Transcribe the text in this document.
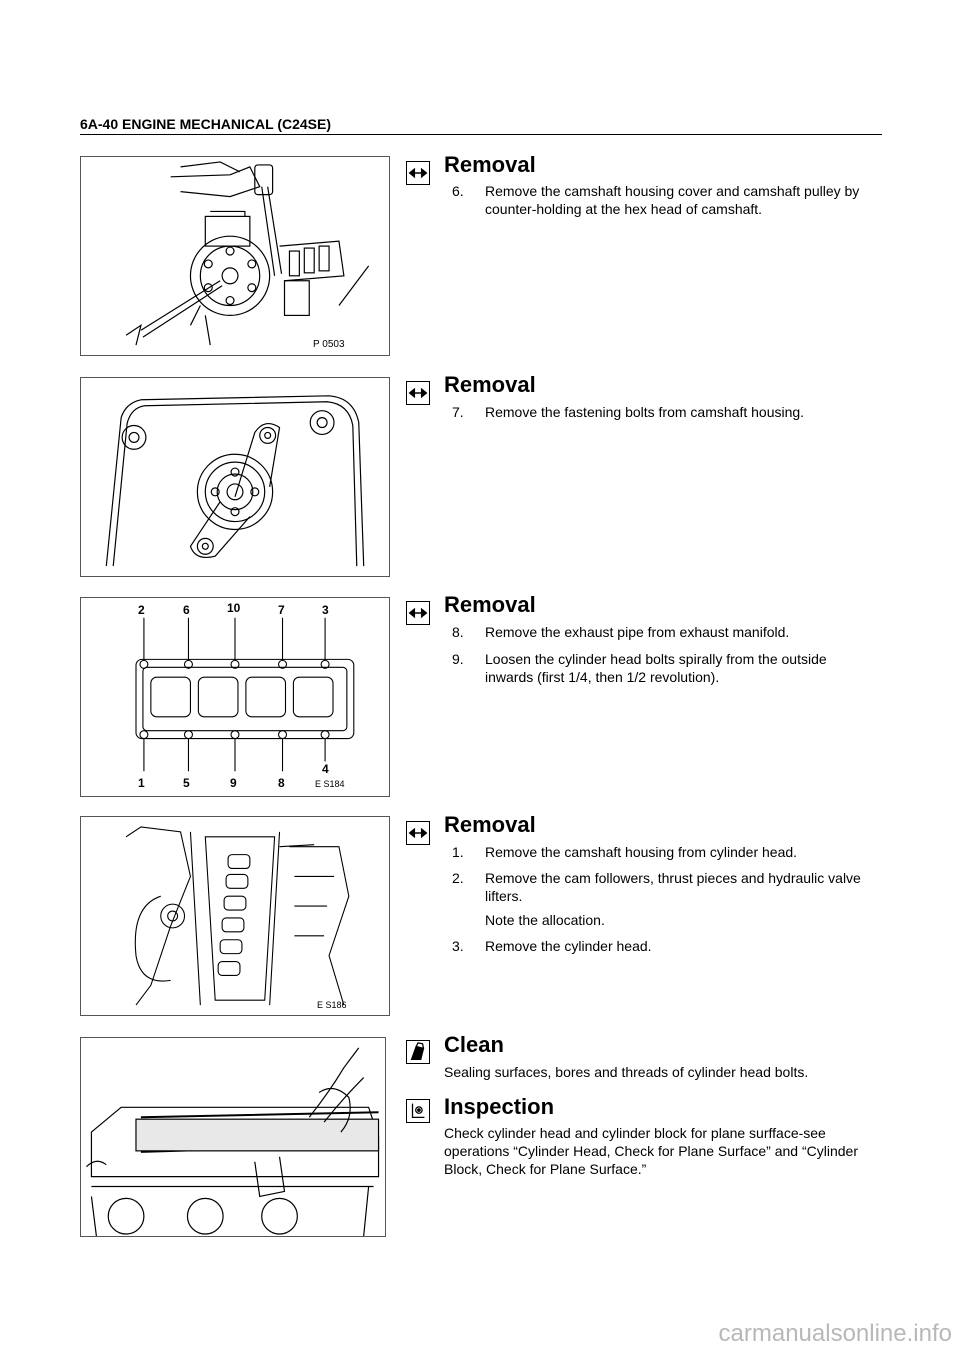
6A-40 ENGINE MECHANICAL (C24SE)
P 0503
Removal
6. Remove the camshaft housing cover and camshaft pulley by counter-holding at the hex head of camshaft.
Removal
7. Remove the fastening bolts from camshaft housing.
2	6	10	7	3
1	5	9	8
4
E S184
Removal
8. Remove the exhaust pipe from exhaust manifold.
9. Loosen the cylinder head bolts spirally from the outside inwards (first 1/4, then 1/2 revolution).
E S186
Removal
1. Remove the camshaft housing from cylinder head.
2. Remove the cam followers, thrust pieces and hydraulic valve lifters.
Note the allocation.
3. Remove the cylinder head.
Clean
Sealing surfaces, bores and threads of cylinder head bolts.
Inspection
Check cylinder head and cylinder block for plane surfface-see operations “Cylinder Head, Check for Plane Surface” and “Cylinder Block, Check for Plane Surface.”
carmanualsonline.info
